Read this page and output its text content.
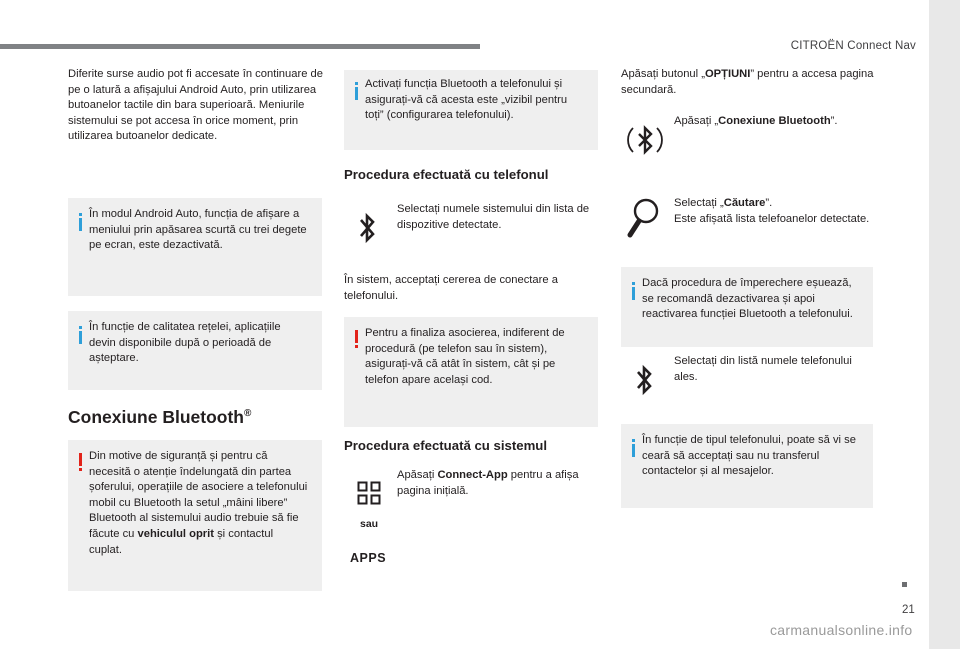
CITROËN Connect Nav

Diferite surse audio pot fi accesate în continuare de pe o latură a afișajului Android Auto, prin utilizarea butoanelor tactile din bara superioară. Meniurile sistemului se pot accesa în orice moment, prin utilizarea butoanelor dedicate.

În modul Android Auto, funcția de afișare a meniului prin apăsarea scurtă cu trei degete pe ecran, este dezactivată.

În funcție de calitatea rețelei, aplicațiile devin disponibile după o perioadă de așteptare.

Conexiune Bluetooth®

Din motive de siguranță și pentru că necesită o atenție îndelungată din partea șoferului, operațiile de asociere a telefonului mobil cu Bluetooth la setul „mâini libere” Bluetooth al sistemului audio trebuie să fie făcute cu vehiculul oprit și contactul cuplat.

Activați funcția Bluetooth a telefonului și asigurați-vă că acesta este „vizibil pentru toți” (configurarea telefonului).

Procedura efectuată cu telefonul

Selectați numele sistemului din lista de dispozitive detectate.

În sistem, acceptați cererea de conectare a telefonului.

Pentru a finaliza asocierea, indiferent de procedură (pe telefon sau în sistem), asigurați-vă că atât în sistem, cât și pe telefon apare același cod.

Procedura efectuată cu sistemul

Apăsați Connect-App pentru a afișa pagina inițială.

sau

APPS

Apăsați butonul „OPȚIUNI” pentru a accesa pagina secundară.

Apăsați „Conexiune Bluetooth”.

Selectați „Căutare”.

Este afișată lista telefoanelor detectate.

Dacă procedura de împerechere eșuează, se recomandă dezactivarea și apoi reactivarea funcției Bluetooth a telefonului.

Selectați din listă numele telefonului ales.

În funcție de tipul telefonului, poate să vi se ceară să acceptați sau nu transferul contactelor și al mesajelor.

21
carmanualsonline.info
